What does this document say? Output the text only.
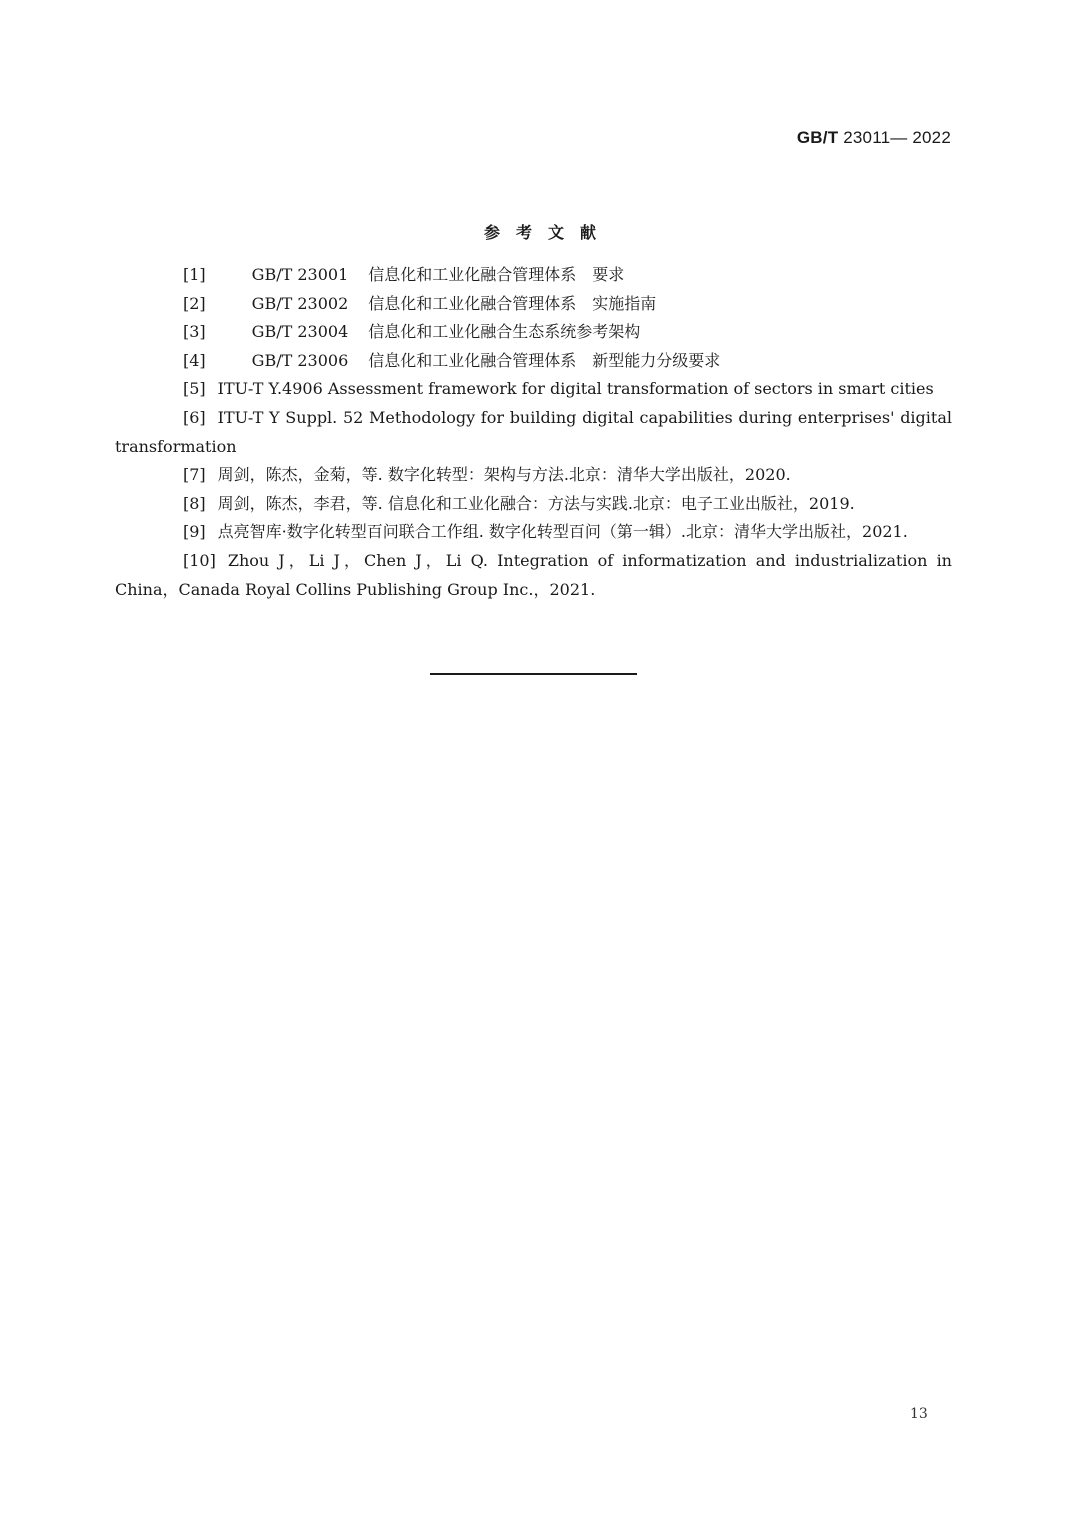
GB/T 23011— 2022
参考文献
[1]	GB/T 23001 信息化和工业化融合管理体系 要求
[2]	GB/T 23002 信息化和工业化融合管理体系 实施指南
[3]	GB/T 23004 信息化和工业化融合生态系统参考架构
[4]	GB/T 23006 信息化和工业化融合管理体系 新型能力分级要求
[5] ITU-T Y.4906 Assessment framework for digital transformation of sectors in smart cities
[6] ITU-T Y Suppl. 52 Methodology for building digital capabilities during enterprises' digital transformation
[7] 周剑，陈杰，金菊，等. 数字化转型：架构与方法.北京：清华大学出版社，2020.
[8] 周剑，陈杰，李君，等. 信息化和工业化融合：方法与实践.北京：电子工业出版社，2019.
[9] 点亮智库·数字化转型百问联合工作组. 数字化转型百问（第一辑）.北京：清华大学出版社，2021.
[10] Zhou J，Li J，Chen J，Li Q. Integration of informatization and industrialization in China，Canada Royal Collins Publishing Group Inc.，2021.
13
